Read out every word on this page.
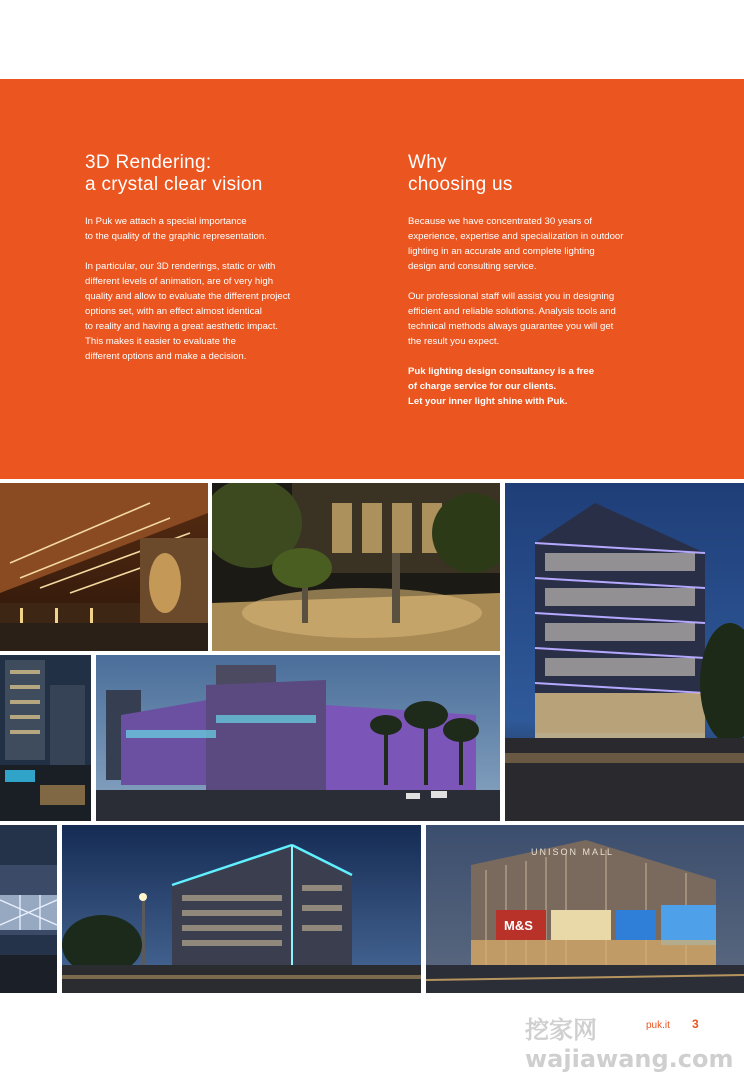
3D Rendering:
a crystal clear vision

In Puk we attach a special importance
to the quality of the graphic representation.

In particular, our 3D renderings, static or with
different levels of animation, are of very high
quality and allow to evaluate the different project
options set, with an effect almost identical
to reality and having a great aesthetic impact.
This makes it easier to evaluate the
different options and make a decision.

Why
choosing us

Because we have concentrated 30 years of
experience, expertise and specialization in outdoor
lighting in an accurate and complete lighting
design and consulting service.

Our professional staff will assist you in designing
efficient and reliable solutions. Analysis tools and
technical methods always guarantee you will get
the result you expect.

Puk lighting design consultancy is a free
of charge service for our clients.
Let your inner light shine with Puk.

UNISON MALL
M&S
挖家网 wajiawang.com
puk.it 3
